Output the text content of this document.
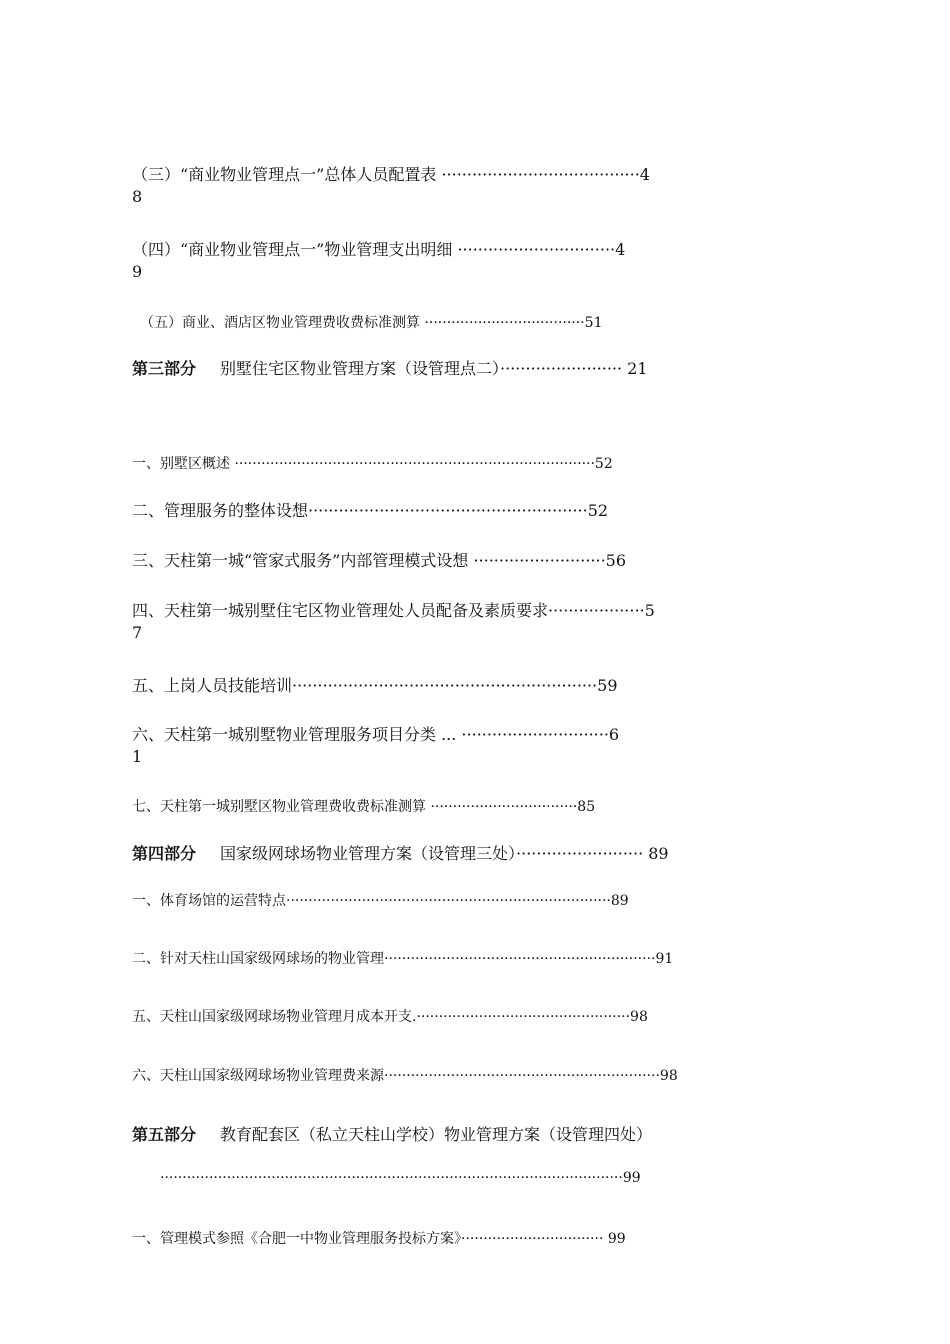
（三）“商业物业管理点一”总体人员配置表 ·······································4
8
（四）“商业物业管理点一”物业管理支出明细 ·······························4
9
（五）商业、酒店区物业管理费收费标准测算 ····································51
第三部分 别墅住宅区物业管理方案（设管理点二）························ 21
一、别墅区概述 ·················································································52
二、管理服务的整体设想·······················································52
三、天柱第一城“管家式服务”内部管理模式设想 ··························56
四、天柱第一城别墅住宅区物业管理处人员配备及素质要求···················5
7
五、上岗人员技能培训····························································59
六、天柱第一城别墅物业管理服务项目分类 ... ·····························6
1
七、天柱第一城别墅区物业管理费收费标准测算 ·································85
第四部分 国家级网球场物业管理方案（设管理三处）························· 89
一、体育场馆的运营特点·········································································89
二、针对天柱山国家级网球场的物业管理·····························································91
五、天柱山国家级网球场物业管理月成本开支.················································98
六、天柱山国家级网球场物业管理费来源······························································98
第五部分 教育配套区（私立天柱山学校）物业管理方案（设管理四处）
········································································································99
一、管理模式参照《合肥一中物业管理服务投标方案》································ 99
